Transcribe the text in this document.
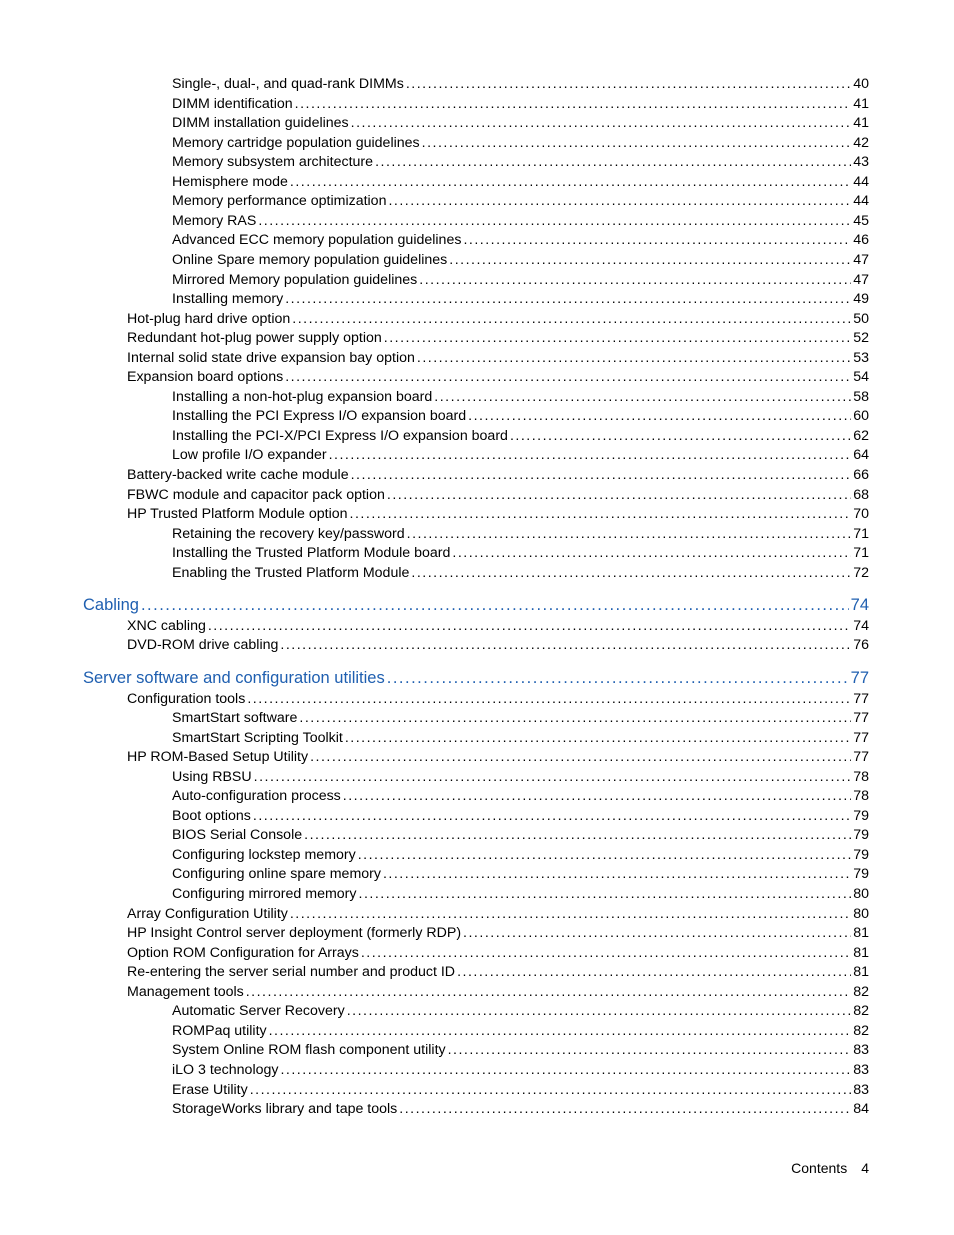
Single-, dual-, and quad-rank DIMMs .....	40
DIMM identification .....	41
DIMM installation guidelines .....	41
Memory cartridge population guidelines .....	42
Memory subsystem architecture .....	43
Hemisphere mode .....	44
Memory performance optimization .....	44
Memory RAS .....	45
Advanced ECC memory population guidelines .....	46
Online Spare memory population guidelines .....	47
Mirrored Memory population guidelines .....	47
Installing memory .....	49
Hot-plug hard drive option .....	50
Redundant hot-plug power supply option .....	52
Internal solid state drive expansion bay option .....	53
Expansion board options .....	54
Installing a non-hot-plug expansion board .....	58
Installing the PCI Express I/O expansion board .....	60
Installing the PCI-X/PCI Express I/O expansion board .....	62
Low profile I/O expander .....	64
Battery-backed write cache module .....	66
FBWC module and capacitor pack option .....	68
HP Trusted Platform Module option .....	70
Retaining the recovery key/password .....	71
Installing the Trusted Platform Module board .....	71
Enabling the Trusted Platform Module .....	72
Cabling .....	74
XNC cabling .....	74
DVD-ROM drive cabling .....	76
Server software and configuration utilities .....	77
Configuration tools .....	77
SmartStart software .....	77
SmartStart Scripting Toolkit .....	77
HP ROM-Based Setup Utility .....	77
Using RBSU .....	78
Auto-configuration process .....	78
Boot options .....	79
BIOS Serial Console .....	79
Configuring lockstep memory .....	79
Configuring online spare memory .....	79
Configuring mirrored memory .....	80
Array Configuration Utility .....	80
HP Insight Control server deployment (formerly RDP) .....	81
Option ROM Configuration for Arrays .....	81
Re-entering the server serial number and product ID .....	81
Management tools .....	82
Automatic Server Recovery .....	82
ROMPaq utility .....	82
System Online ROM flash component utility .....	83
iLO 3 technology .....	83
Erase Utility .....	83
StorageWorks library and tape tools .....	84
Contents 4
